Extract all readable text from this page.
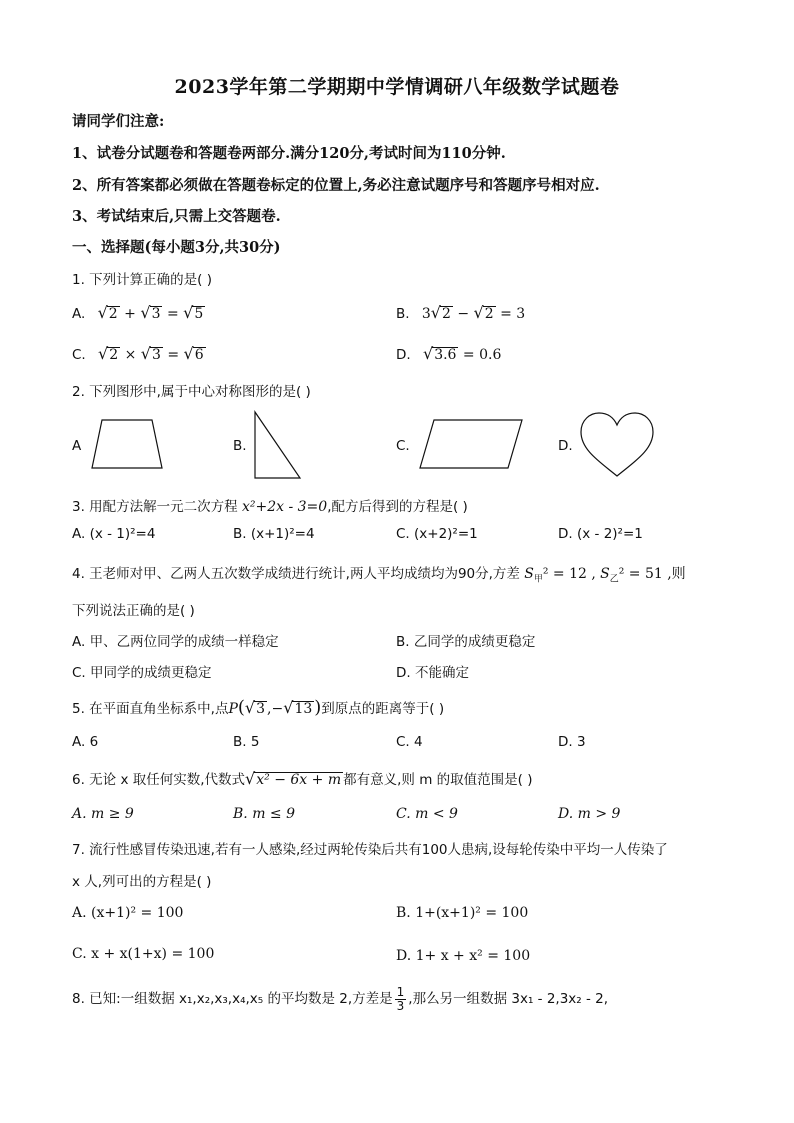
2023学年第二学期期中学情调研八年级数学试题卷
请同学们注意:
1、试卷分试题卷和答题卷两部分.满分120分,考试时间为110分钟.
2、所有答案都必须做在答题卷标定的位置上,务必注意试题序号和答题序号相对应.
3、考试结束后,只需上交答题卷.
一、选择题(每小题3分,共30分)
1. 下列计算正确的是( )
A. √2 + √3 = √5	B. 3√2 − √2 = 3
C. √2 × √3 = √6	D. √3.6 = 0.6
2. 下列图形中,属于中心对称图形的是( )
A	B.	C.	D.
3. 用配方法解一元二次方程 x²+2x - 3=0,配方后得到的方程是( )
A. (x - 1)²=4	B. (x+1)²=4	C. (x+2)²=1	D. (x - 2)²=1
4. 王老师对甲、乙两人五次数学成绩进行统计,两人平均成绩均为90分,方差 $S_甲^2 = 12$ , $S_乙^2 = 51$ ,则
下列说法正确的是( )
A. 甲、乙两位同学的成绩一样稳定	B. 乙同学的成绩更稳定
C. 甲同学的成绩更稳定	D. 不能确定
5. 在平面直角坐标系中,点P(√3 ,−√13 )到原点的距离等于( )
A. 6	B. 5	C. 4	D. 3
6. 无论 x 取任何实数,代数式√x² − 6x + m 都有意义,则 m 的取值范围是( )
A. m ≥ 9	B. m ≤ 9	C. m < 9	D. m > 9
7. 流行性感冒传染迅速,若有一人感染,经过两轮传染后共有100人患病,设每轮传染中平均一人传染了
x 人,列可出的方程是( )
A. (x+1)² = 100	B. 1+(x+1)² = 100
C. x + x(1+x) = 100	D. 1+ x + x² = 100
8. 已知:一组数据 x₁,x₂,x₃,x₄,x₅ 的平均数是 2,方差是 $\frac{1}{3}$ ,那么另一组数据 3x₁ - 2,3x₂ - 2,
